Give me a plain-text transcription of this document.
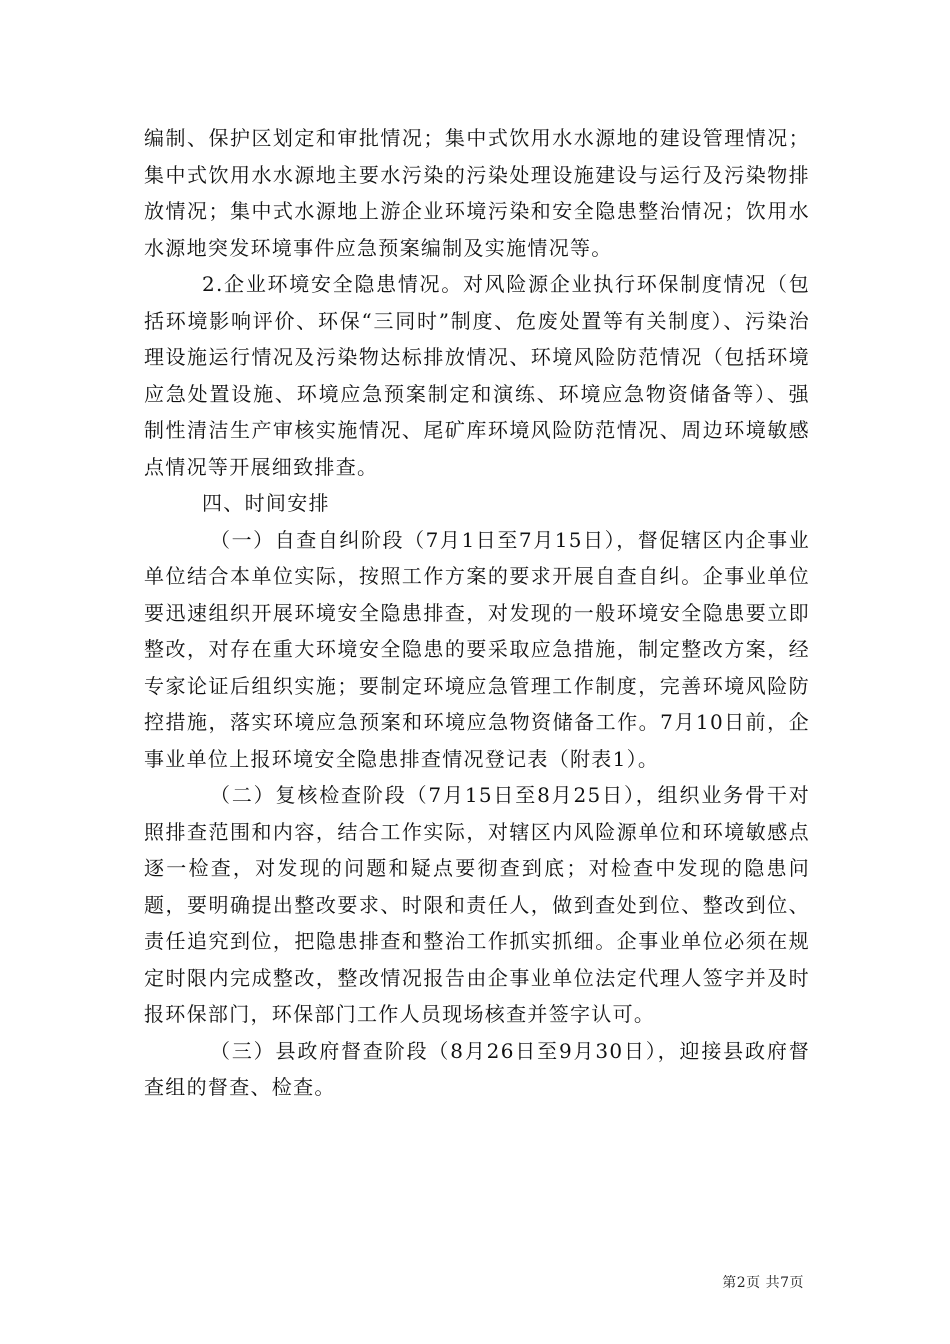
编制、保护区划定和审批情况；集中式饮用水水源地的建设管理情况；集中式饮用水水源地主要水污染的污染处理设施建设与运行及污染物排放情况；集中式水源地上游企业环境污染和安全隐患整治情况；饮用水水源地突发环境事件应急预案编制及实施情况等。

2.企业环境安全隐患情况。对风险源企业执行环保制度情况（包括环境影响评价、环保“三同时”制度、危废处置等有关制度）、污染治理设施运行情况及污染物达标排放情况、环境风险防范情况（包括环境应急处置设施、环境应急预案制定和演练、环境应急物资储备等）、强制性清洁生产审核实施情况、尾矿库环境风险防范情况、周边环境敏感点情况等开展细致排查。

四、时间安排

（一）自查自纠阶段（7月1日至7月15日），督促辖区内企事业单位结合本单位实际，按照工作方案的要求开展自查自纠。企事业单位要迅速组织开展环境安全隐患排查，对发现的一般环境安全隐患要立即整改，对存在重大环境安全隐患的要采取应急措施，制定整改方案，经专家论证后组织实施；要制定环境应急管理工作制度，完善环境风险防控措施，落实环境应急预案和环境应急物资储备工作。7月10日前，企事业单位上报环境安全隐患排查情况登记表（附表1）。

（二）复核检查阶段（7月15日至8月25日），组织业务骨干对照排查范围和内容，结合工作实际，对辖区内风险源单位和环境敏感点逐一检查，对发现的问题和疑点要彻查到底；对检查中发现的隐患问题，要明确提出整改要求、时限和责任人，做到查处到位、整改到位、责任追究到位，把隐患排查和整治工作抓实抓细。企事业单位必须在规定时限内完成整改，整改情况报告由企事业单位法定代理人签字并及时报环保部门，环保部门工作人员现场核查并签字认可。

（三）县政府督查阶段（8月26日至9月30日），迎接县政府督查组的督查、检查。

第2页 共7页
